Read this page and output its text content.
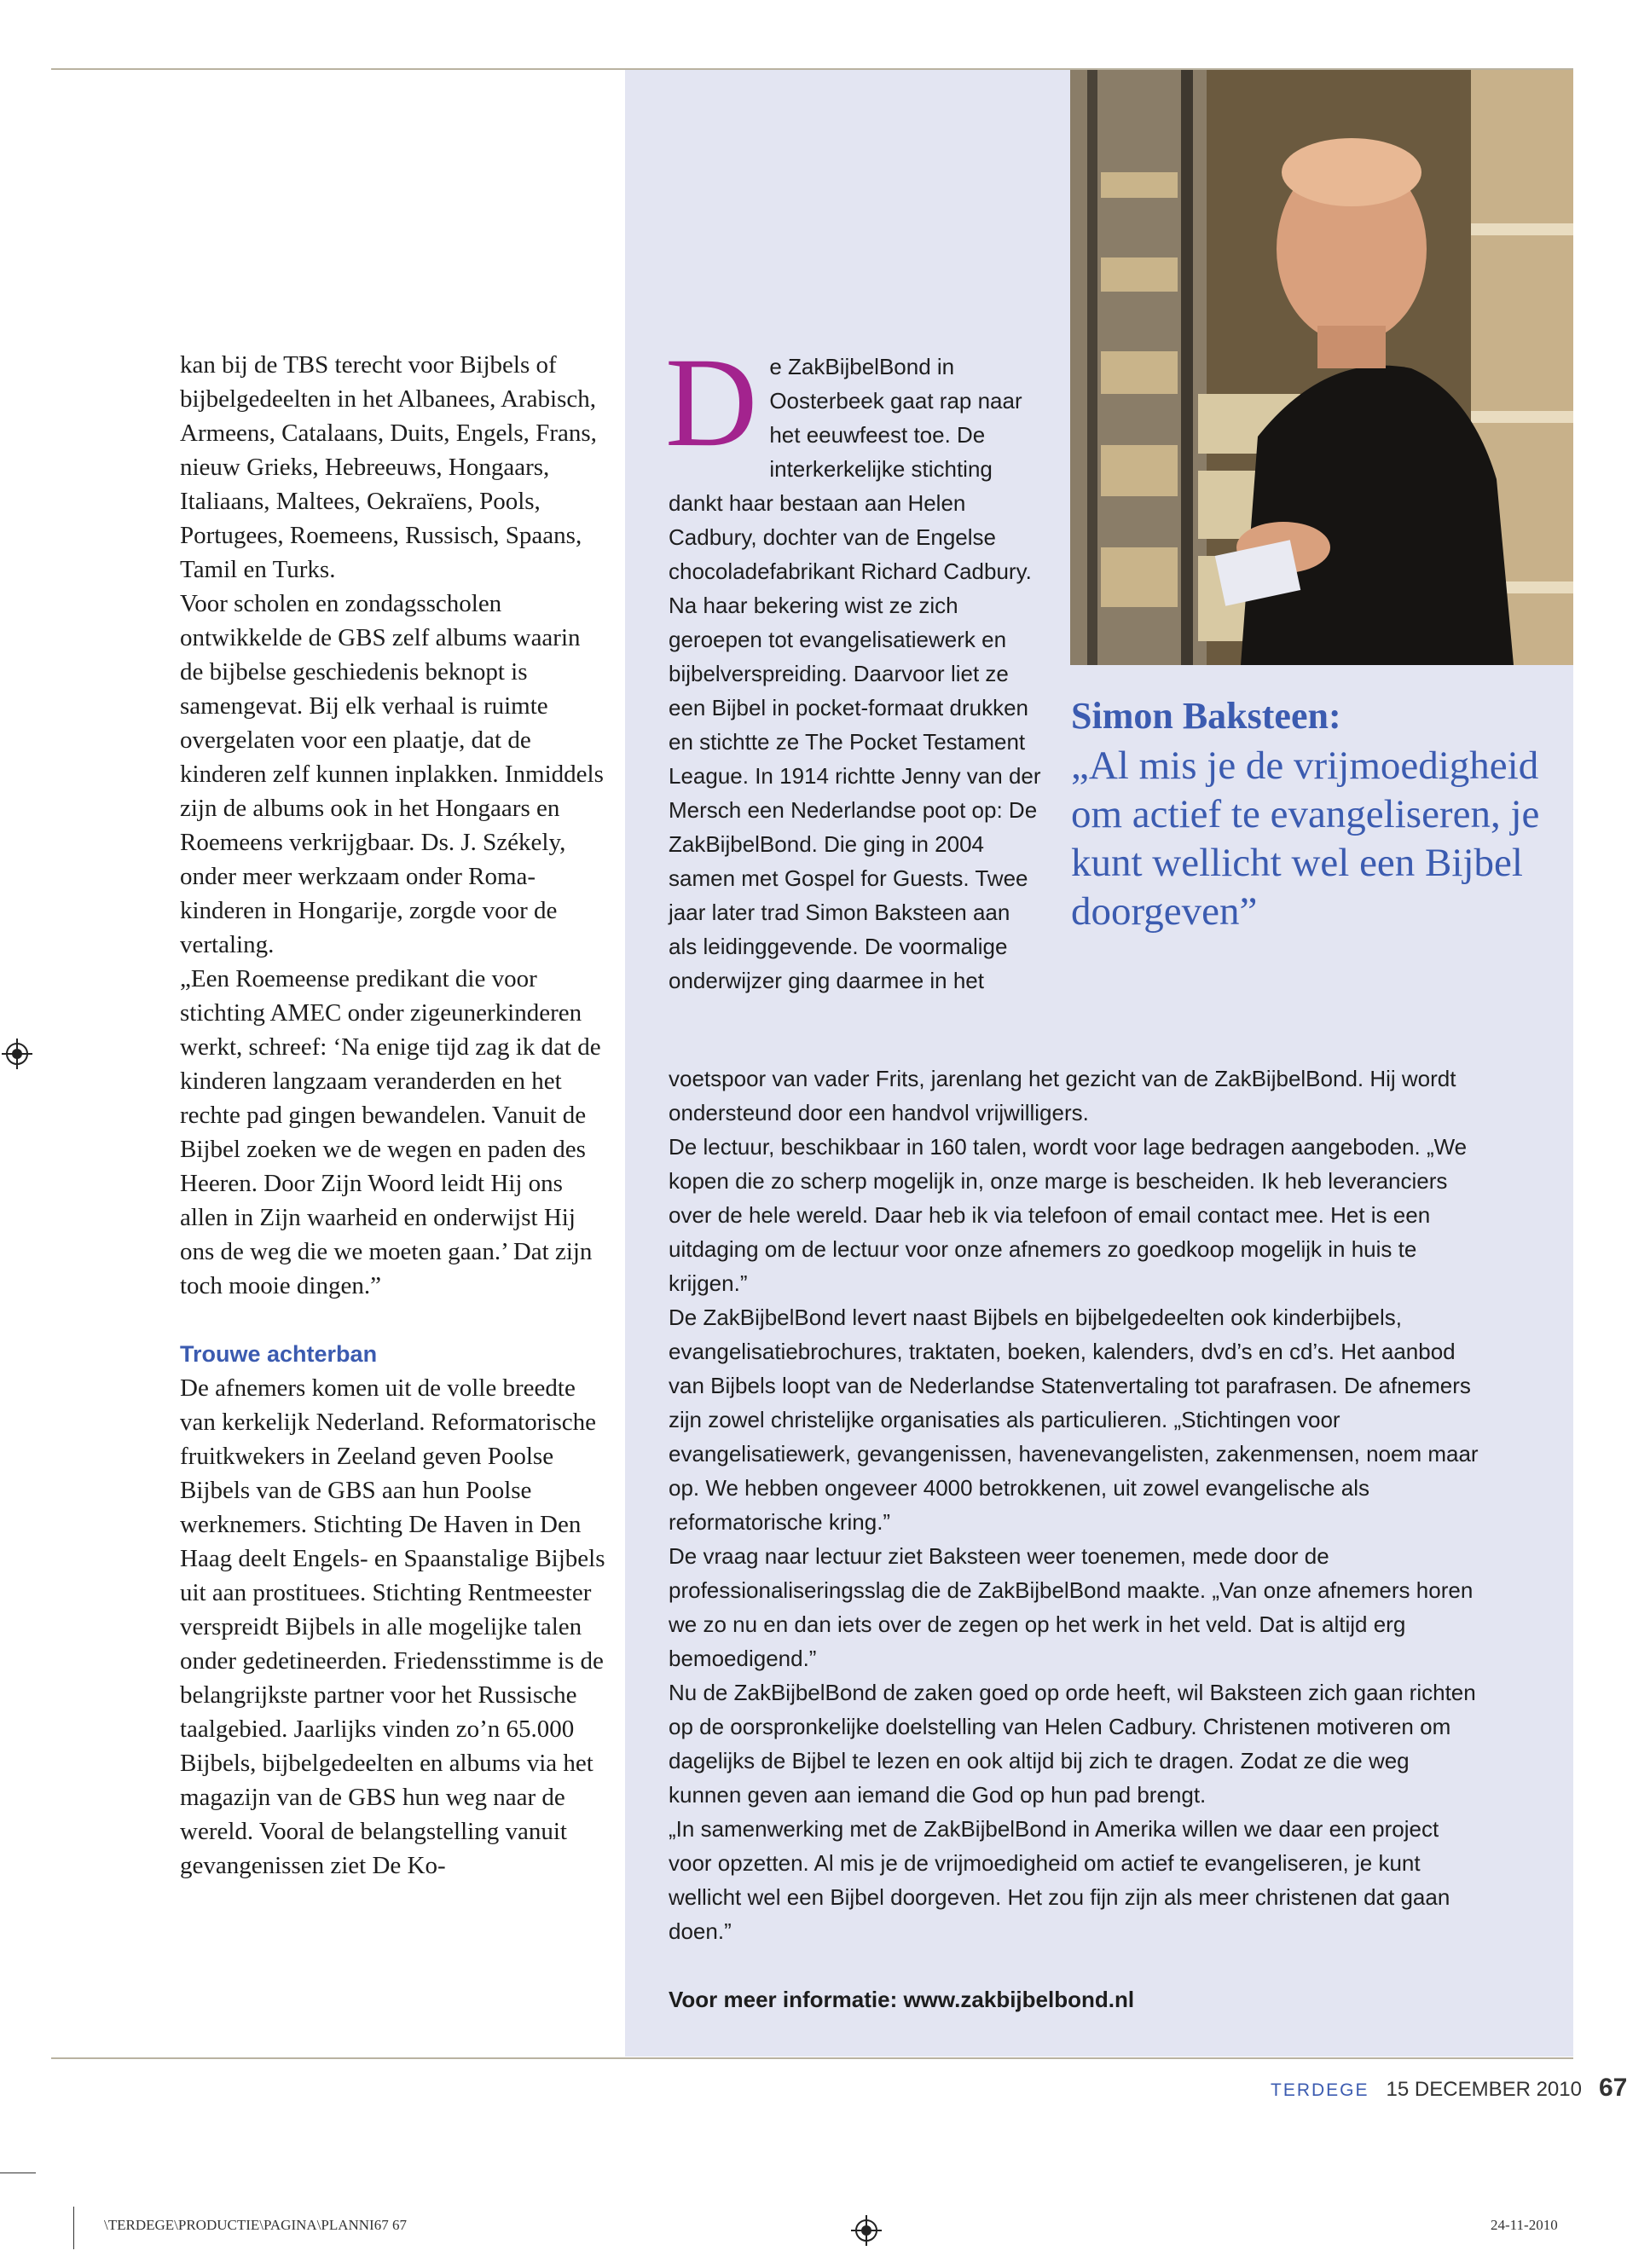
kan bij de TBS terecht voor Bijbels of bijbelgedeelten in het Albanees, Arabisch, Armeens, Catalaans, Duits, Engels, Frans, nieuw Grieks, Hebreeuws, Hongaars, Italiaans, Maltees, Oekraïens, Pools, Portugees, Roemeens, Russisch, Spaans, Tamil en Turks.

Voor scholen en zondagsscholen ontwikkelde de GBS zelf albums waarin de bijbelse geschiedenis beknopt is samengevat. Bij elk verhaal is ruimte overgelaten voor een plaatje, dat de kinderen zelf kunnen inplakken. Inmiddels zijn de albums ook in het Hongaars en Roemeens verkrijgbaar. Ds. J. Székely, onder meer werkzaam onder Roma-kinderen in Hongarije, zorgde voor de vertaling.

„Een Roemeense predikant die voor stichting AMEC onder zigeunerkinderen werkt, schreef: ‘Na enige tijd zag ik dat de kinderen langzaam veranderden en het rechte pad gingen bewandelen. Vanuit de Bijbel zoeken we de wegen en paden des Heeren. Door Zijn Woord leidt Hij ons allen in Zijn waarheid en onderwijst Hij ons de weg die we moeten gaan.’ Dat zijn toch mooie dingen.”

Trouwe achterban

De afnemers komen uit de volle breedte van kerkelijk Nederland. Reformatorische fruitkwekers in Zeeland geven Poolse Bijbels van de GBS aan hun Poolse werknemers. Stichting De Haven in Den Haag deelt Engels- en Spaanstalige Bijbels uit aan prostituees. Stichting Rentmeester verspreidt Bijbels in alle mogelijke talen onder gedetineerden. Friedensstimme is de belangrijkste partner voor het Russische taalgebied. Jaarlijks vinden zo’n 65.000 Bijbels, bijbelgedeelten en albums via het magazijn van de GBS hun weg naar de wereld. Vooral de belangstelling vanuit gevangenissen ziet De Ko-

D e ZakBijbelBond in Oosterbeek gaat rap naar het eeuwfeest toe. De interkerkelijke stichting dankt haar bestaan aan Helen Cadbury, dochter van de Engelse chocoladefabrikant Richard Cadbury. Na haar bekering wist ze zich geroepen tot evangelisatiewerk en bijbelverspreiding. Daarvoor liet ze een Bijbel in pocket-formaat drukken en stichtte ze The Pocket Testament League. In 1914 richtte Jenny van der Mersch een Nederlandse poot op: De ZakBijbelBond. Die ging in 2004 samen met Gospel for Guests. Twee jaar later trad Simon Baksteen aan als leidinggevende. De voormalige onderwijzer ging daarmee in het
Simon Baksteen:
„Al mis je de vrijmoedigheid om actief te evangeliseren, je kunt wellicht wel een Bijbel doorgeven”

voetspoor van vader Frits, jarenlang het gezicht van de ZakBijbelBond. Hij wordt ondersteund door een handvol vrijwilligers.

De lectuur, beschikbaar in 160 talen, wordt voor lage bedragen aangeboden. „We kopen die zo scherp mogelijk in, onze marge is bescheiden. Ik heb leveranciers over de hele wereld. Daar heb ik via telefoon of email contact mee. Het is een uitdaging om de lectuur voor onze afnemers zo goedkoop mogelijk in huis te krijgen.”

De ZakBijbelBond levert naast Bijbels en bijbelgedeelten ook kinderbijbels, evangelisatiebrochures, traktaten, boeken, kalenders, dvd’s en cd’s. Het aanbod van Bijbels loopt van de Nederlandse Statenvertaling tot parafrasen. De afnemers zijn zowel christelijke organisaties als particulieren. „Stichtingen voor evangelisatiewerk, gevangenissen, havenevangelisten, zakenmensen, noem maar op. We hebben ongeveer 4000 betrokkenen, uit zowel evangelische als reformatorische kring.”

De vraag naar lectuur ziet Baksteen weer toenemen, mede door de professionaliseringsslag die de ZakBijbelBond maakte. „Van onze afnemers horen we zo nu en dan iets over de zegen op het werk in het veld. Dat is altijd erg bemoedigend.”

Nu de ZakBijbelBond de zaken goed op orde heeft, wil Baksteen zich gaan richten op de oorspronkelijke doelstelling van Helen Cadbury. Christenen motiveren om dagelijks de Bijbel te lezen en ook altijd bij zich te dragen. Zodat ze die weg kunnen geven aan iemand die God op hun pad brengt.

„In samenwerking met de ZakBijbelBond in Amerika willen we daar een project voor opzetten. Al mis je de vrijmoedigheid om actief te evangeliseren, je kunt wellicht wel een Bijbel doorgeven. Het zou fijn zijn als meer christenen dat gaan doen.”

Voor meer informatie: www.zakbijbelbond.nl

TERDEGE 15 DECEMBER 2010 67
\TERDEGE\PRODUCTIE\PAGINA\PLANNI67 67	24-11-2010
